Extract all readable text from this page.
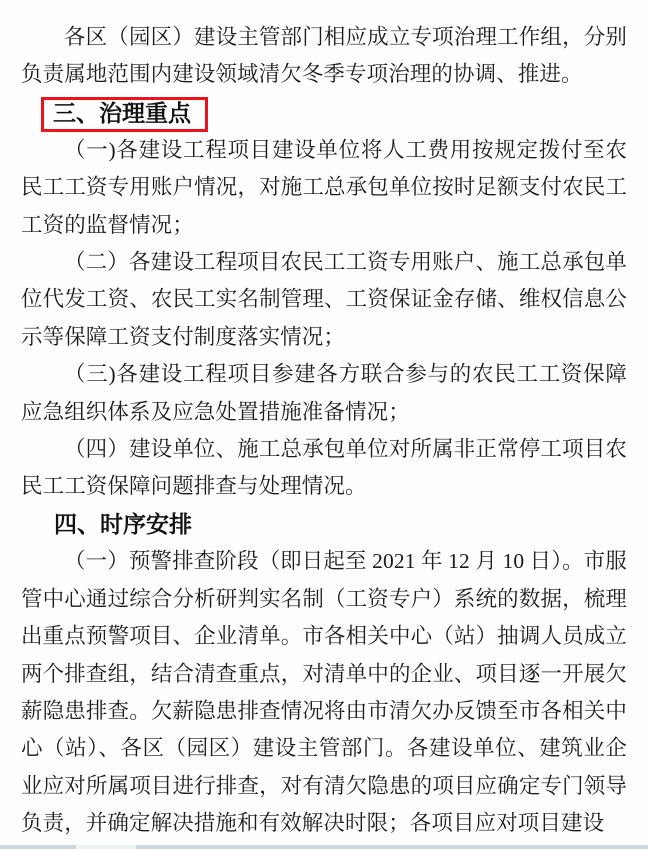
各区（园区）建设主管部门相应成立专项治理工作组，分别负责属地范围内建设领域清欠冬季专项治理的协调、推进。

三、治理重点

（一)各建设工程项目建设单位将人工费用按规定拨付至农民工工资专用账户情况，对施工总承包单位按时足额支付农民工工资的监督情况；

（二）各建设工程项目农民工工资专用账户、施工总承包单位代发工资、农民工实名制管理、工资保证金存储、维权信息公示等保障工资支付制度落实情况；

（三)各建设工程项目参建各方联合参与的农民工工资保障应急组织体系及应急处置措施准备情况；

（四）建设单位、施工总承包单位对所属非正常停工项目农民工工资保障问题排查与处理情况。

四、时序安排

（一）预警排查阶段（即日起至 2021 年 12 月 10 日）。市服管中心通过综合分析研判实名制（工资专户）系统的数据，梳理出重点预警项目、企业清单。市各相关中心（站）抽调人员成立两个排查组，结合清查重点，对清单中的企业、项目逐一开展欠薪隐患排查。欠薪隐患排查情况将由市清欠办反馈至市各相关中心（站）、各区（园区）建设主管部门。各建设单位、建筑业企业应对所属项目进行排查，对有清欠隐患的项目应确定专门领导负责，并确定解决措施和有效解决时限；各项目应对项目建设
